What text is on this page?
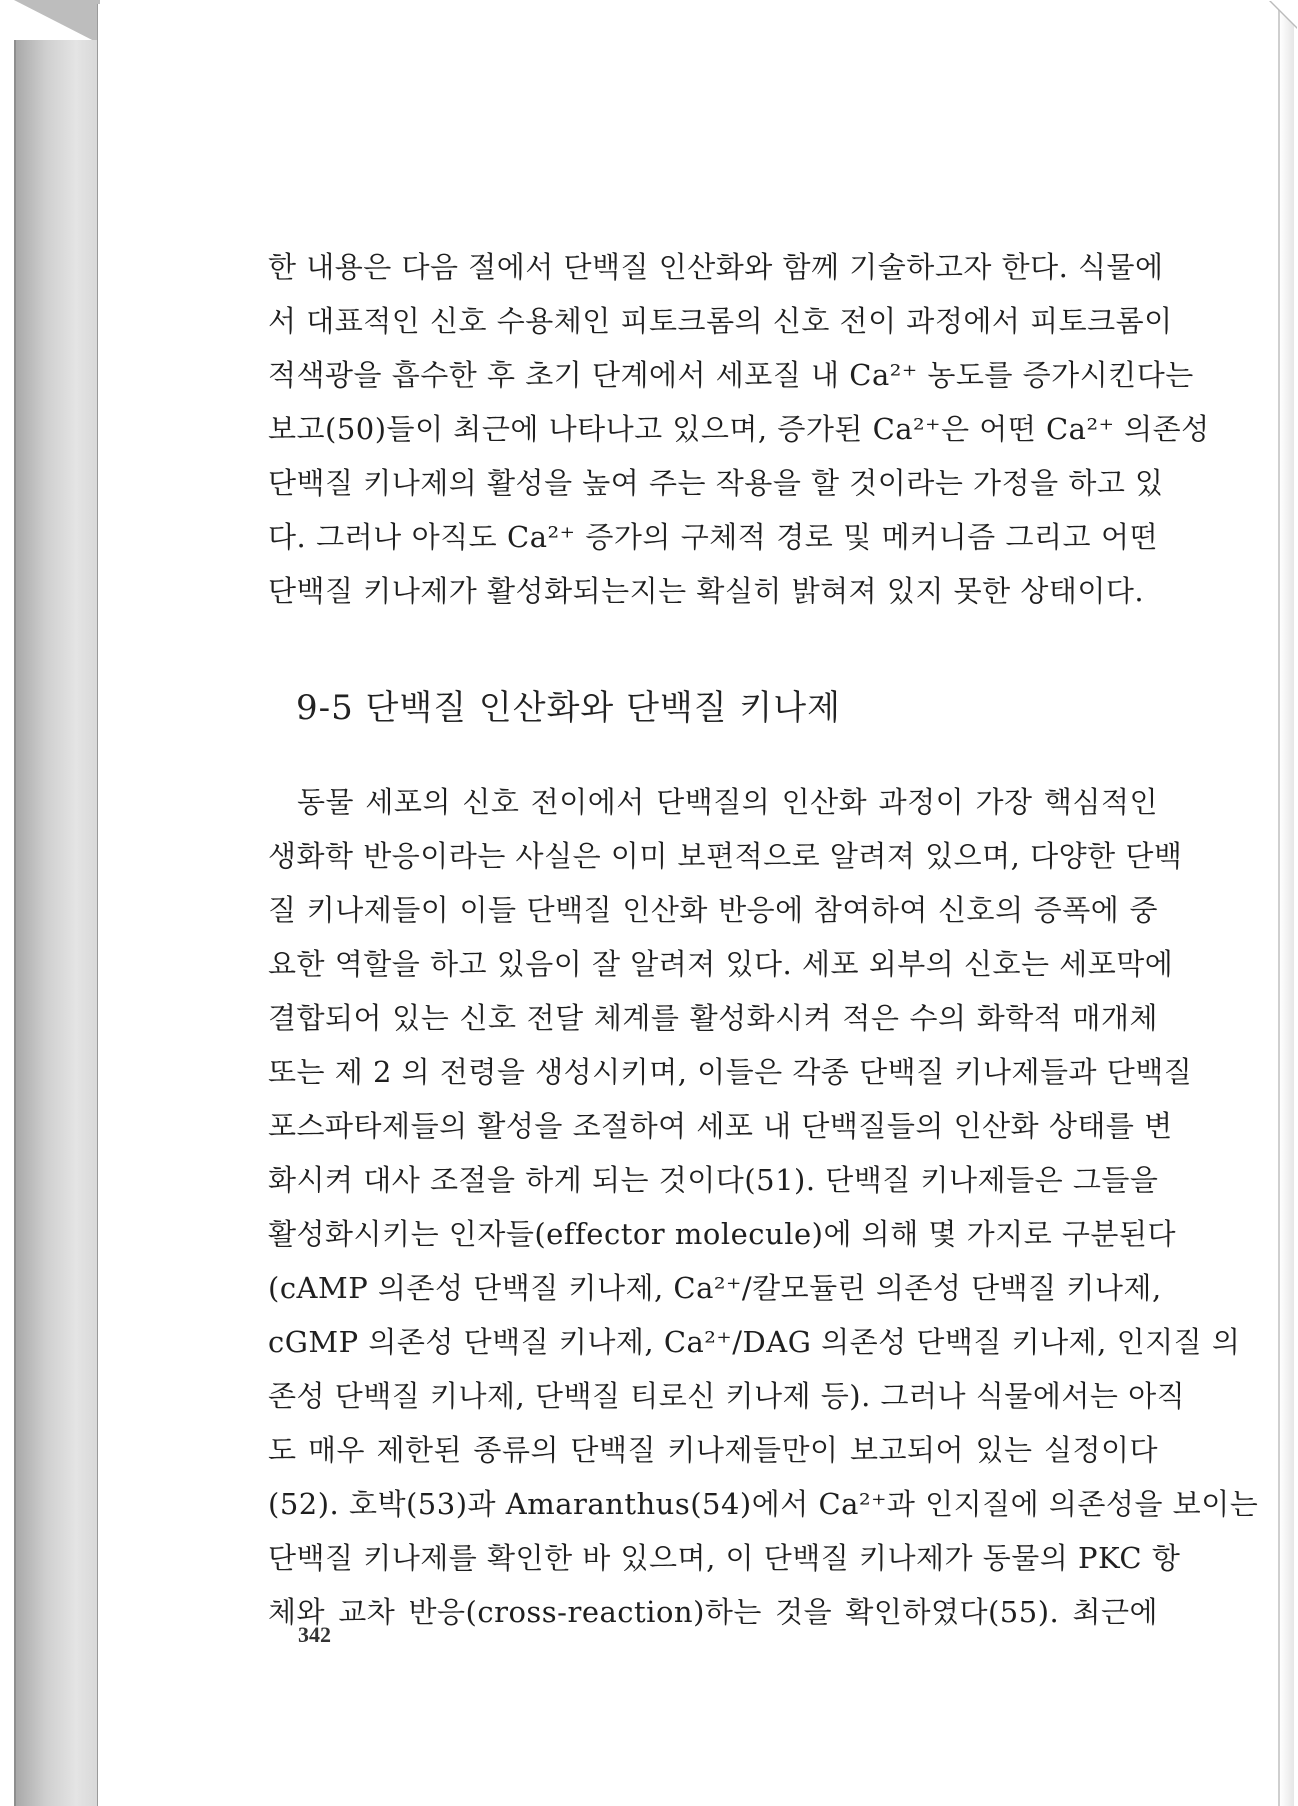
한 내용은 다음 절에서 단백질 인산화와 함께 기술하고자 한다. 식물에
서 대표적인 신호 수용체인 피토크롬의 신호 전이 과정에서 피토크롬이
적색광을 흡수한 후 초기 단계에서 세포질 내 Ca²⁺ 농도를 증가시킨다는
보고(50)들이 최근에 나타나고 있으며, 증가된 Ca²⁺은 어떤 Ca²⁺ 의존성
단백질 키나제의 활성을 높여 주는 작용을 할 것이라는 가정을 하고 있
다. 그러나 아직도 Ca²⁺ 증가의 구체적 경로 및 메커니즘 그리고 어떤
단백질 키나제가 활성화되는지는 확실히 밝혀져 있지 못한 상태이다.
9-5 단백질 인산화와 단백질 키나제
동물 세포의 신호 전이에서 단백질의 인산화 과정이 가장 핵심적인
생화학 반응이라는 사실은 이미 보편적으로 알려져 있으며, 다양한 단백
질 키나제들이 이들 단백질 인산화 반응에 참여하여 신호의 증폭에 중
요한 역할을 하고 있음이 잘 알려져 있다. 세포 외부의 신호는 세포막에
결합되어 있는 신호 전달 체계를 활성화시켜 적은 수의 화학적 매개체
또는 제 2 의 전령을 생성시키며, 이들은 각종 단백질 키나제들과 단백질
포스파타제들의 활성을 조절하여 세포 내 단백질들의 인산화 상태를 변
화시켜 대사 조절을 하게 되는 것이다(51). 단백질 키나제들은 그들을
활성화시키는 인자들(effector molecule)에 의해 몇 가지로 구분된다
(cAMP 의존성 단백질 키나제, Ca²⁺/칼모듈린 의존성 단백질 키나제,
cGMP 의존성 단백질 키나제, Ca²⁺/DAG 의존성 단백질 키나제, 인지질 의
존성 단백질 키나제, 단백질 티로신 키나제 등). 그러나 식물에서는 아직
도 매우 제한된 종류의 단백질 키나제들만이 보고되어 있는 실정이다
(52). 호박(53)과 Amaranthus(54)에서 Ca²⁺과 인지질에 의존성을 보이는
단백질 키나제를 확인한 바 있으며, 이 단백질 키나제가 동물의 PKC 항
체와 교차 반응(cross-reaction)하는 것을 확인하였다(55). 최근에
342
